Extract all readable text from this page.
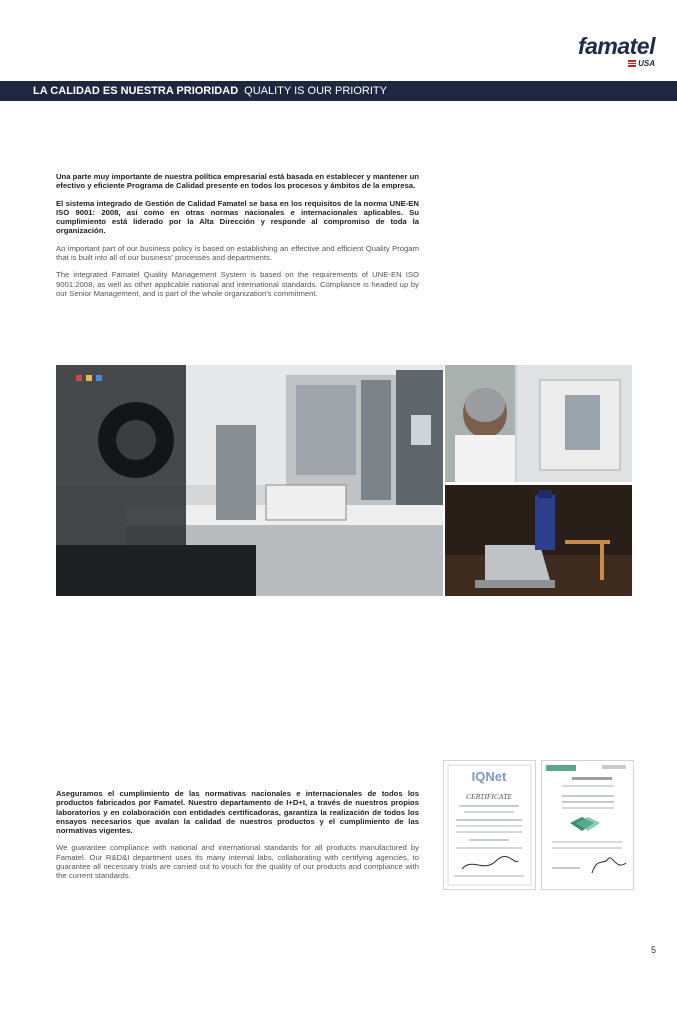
famatel
USA
LA CALIDAD ES NUESTRA PRIORIDAD QUALITY IS OUR PRIORITY

Una parte muy importante de nuestra política empresarial está basada en establecer y mantener un efectivo y eficiente Programa de Calidad presente en todos los procesos y ámbitos de la empresa.

El sistema integrado de Gestión de Calidad Famatel se basa en los requisitos de la norma UNE-EN ISO 9001: 2008, así como en otras normas nacionales e internacionales aplicables. Su cumplimiento está liderado por la Alta Dirección y responde al compromiso de toda la organización.

An important part of our business policy is based on establishing an effective and efficient Quality Progam that is built into all of our business' processes and departments.

The integrated Famatel Quality Management System is based on the requirements of UNE-EN ISO 9001:2008, as well as other applicable national and international standards. Compliance is headed up by our Senior Management, and is part of the whole organization's commitment.

Aseguramos el cumplimiento de las normativas nacionales e internacionales de todos los productos fabricados por Famatel. Nuestro departamento de I+D+I, a través de nuestros propios laboratorios y en colaboración con entidades certificadoras, garantiza la realización de todos los ensayos necesarios que avalan la calidad de nuestros productos y el cumplimiento de las normativas vigentes.

We guarantee compliance with national and international standards for all products manufactured by Famatel. Our R&D&I department uses its many internal labs, collaborating with certifying agencies, to guarantee all necessary trials are carried out to vouch for the quality of our products and compliance with the current standards.

IQNet
CERTIFICATE
5
